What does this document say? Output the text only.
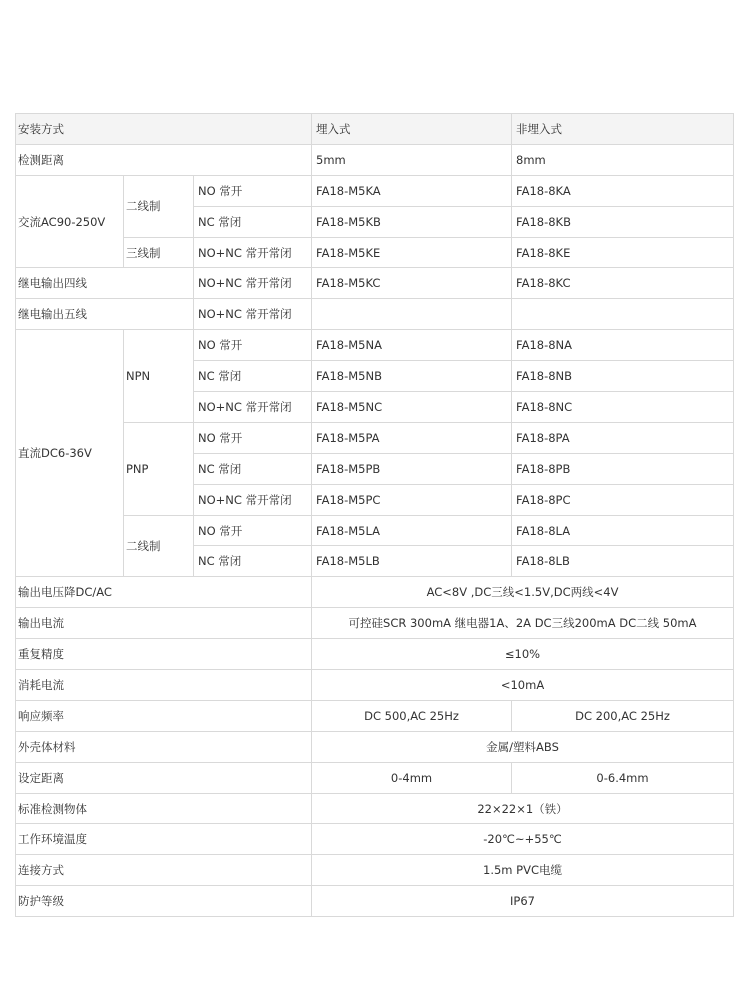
安装方式			埋入式	非埋入式
检测距离			5mm	8mm
交流AC90-250V	二线制	NO 常开	FA18-M5KA	FA18-8KA
		NC 常闭	FA18-M5KB	FA18-8KB
	三线制	NO+NC 常开常闭	FA18-M5KE	FA18-8KE
继电输出四线		NO+NC 常开常闭	FA18-M5KC	FA18-8KC
继电输出五线		NO+NC 常开常闭		
直流DC6-36V	NPN	NO 常开	FA18-M5NA	FA18-8NA
		NC 常闭	FA18-M5NB	FA18-8NB
		NO+NC 常开常闭	FA18-M5NC	FA18-8NC
	PNP	NO 常开	FA18-M5PA	FA18-8PA
		NC 常闭	FA18-M5PB	FA18-8PB
		NO+NC 常开常闭	FA18-M5PC	FA18-8PC
	二线制	NO 常开	FA18-M5LA	FA18-8LA
		NC 常闭	FA18-M5LB	FA18-8LB
输出电压降DC/AC			AC<8V ,DC三线<1.5V,DC两线<4V	
输出电流			可控硅SCR 300mA 继电器1A、2A DC三线200mA DC二线 50mA	
重复精度			≤10%	
消耗电流			<10mA	
响应频率			DC 500,AC 25Hz	DC 200,AC 25Hz
外壳体材料			金属/塑料ABS	
设定距离			0-4mm	0-6.4mm
标准检测物体			22×22×1（铁）	
工作环境温度			-20℃~+55℃	
连接方式			1.5m PVC电缆	
防护等级			IP67	
